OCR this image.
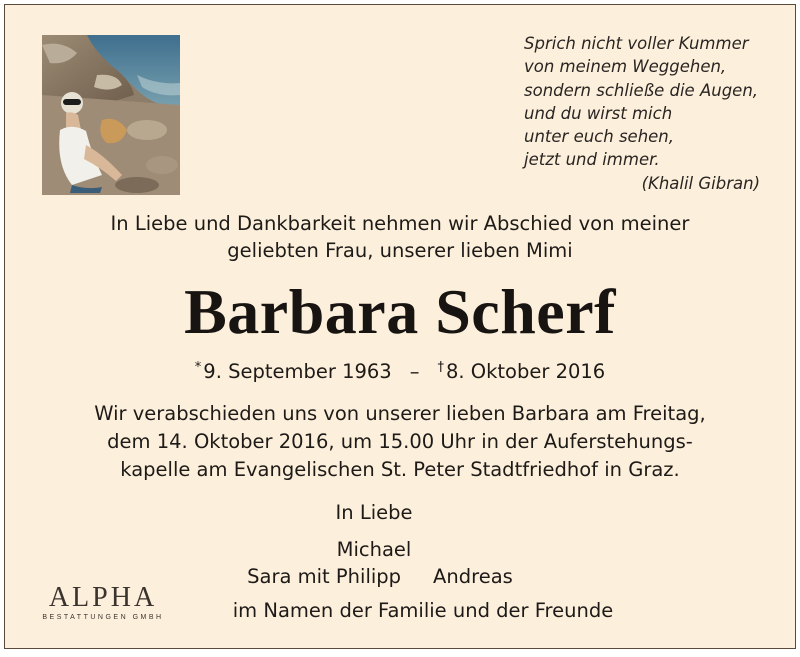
Sprich nicht voller Kummer
von meinem Weggehen,
sondern schließe die Augen,
und du wirst mich
unter euch sehen,
jetzt und immer.
(Khalil Gibran)
In Liebe und Dankbarkeit nehmen wir Abschied von meiner
geliebten Frau, unserer lieben Mimi
Barbara Scherf
* 9. September 1963 – † 8. Oktober 2016
Wir verabschieden uns von unserer lieben Barbara am Freitag,
dem 14. Oktober 2016, um 15.00 Uhr in der Auferstehungs-
kapelle am Evangelischen St. Peter Stadtfriedhof in Graz.
In Liebe
Michael
Sara mit Philipp Andreas
im Namen der Familie und der Freunde
ALPHA
BESTATTUNGEN GMBH
